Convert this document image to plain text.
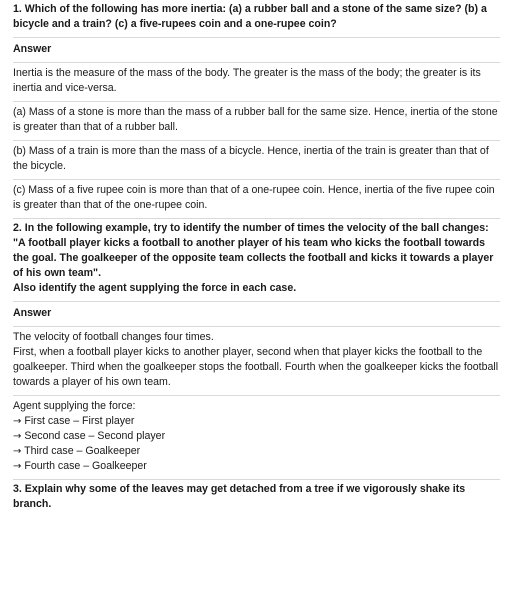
1. Which of the following has more inertia: (a) a rubber ball and a stone of the same size? (b) a bicycle and a train? (c) a five-rupees coin and a one-rupee coin?

Answer

Inertia is the measure of the mass of the body. The greater is the mass of the body; the greater is its inertia and vice-versa.

(a) Mass of a stone is more than the mass of a rubber ball for the same size. Hence, inertia of the stone is greater than that of a rubber ball.

(b) Mass of a train is more than the mass of a bicycle. Hence, inertia of the train is greater than that of the bicycle.

(c) Mass of a five rupee coin is more than that of a one-rupee coin. Hence, inertia of the five rupee coin is greater than that of the one-rupee coin.

2. In the following example, try to identify the number of times the velocity of the ball changes:

"A football player kicks a football to another player of his team who kicks the football towards the goal. The goalkeeper of the opposite team collects the football and kicks it towards a player of his own team".

Also identify the agent supplying the force in each case.

Answer

The velocity of football changes four times.

First, when a football player kicks to another player, second when that player kicks the football to the goalkeeper. Third when the goalkeeper stops the football. Fourth when the goalkeeper kicks the football towards a player of his own team.

Agent supplying the force:

→ First case – First player
→ Second case – Second player
→ Third case – Goalkeeper
→ Fourth case – Goalkeeper

3. Explain why some of the leaves may get detached from a tree if we vigorously shake its branch.
